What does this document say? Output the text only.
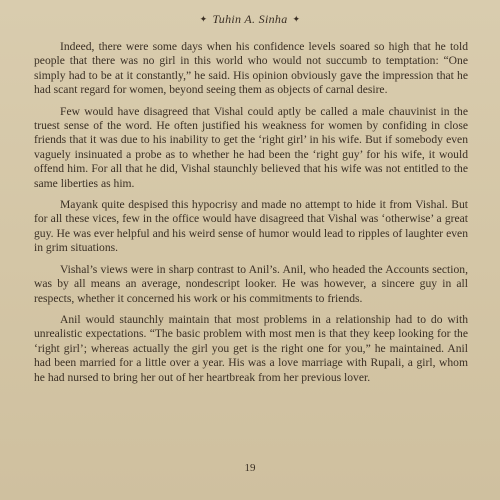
✦ Tuhin A. Sinha ✦

Indeed, there were some days when his confidence levels soared so high that he told people that there was no girl in this world who would not succumb to temptation: “One simply had to be at it constantly,” he said. His opinion obviously gave the impression that he had scant regard for women, beyond seeing them as objects of carnal desire.

Few would have disagreed that Vishal could aptly be called a male chauvinist in the truest sense of the word. He often justified his weakness for women by confiding in close friends that it was due to his inability to get the ‘right girl’ in his wife. But if somebody even vaguely insinuated a probe as to whether he had been the ‘right guy’ for his wife, it would offend him. For all that he did, Vishal staunchly believed that his wife was not entitled to the same liberties as him.

Mayank quite despised this hypocrisy and made no attempt to hide it from Vishal. But for all these vices, few in the office would have disagreed that Vishal was ‘otherwise’ a great guy. He was ever helpful and his weird sense of humor would lead to ripples of laughter even in grim situations.

Vishal’s views were in sharp contrast to Anil’s. Anil, who headed the Accounts section, was by all means an average, nondescript looker. He was however, a sincere guy in all respects, whether it concerned his work or his commitments to friends.

Anil would staunchly maintain that most problems in a relationship had to do with unrealistic expectations. “The basic problem with most men is that they keep looking for the ‘right girl’; whereas actually the girl you get is the right one for you,” he maintained. Anil had been married for a little over a year. His was a love marriage with Rupali, a girl, whom he had nursed to bring her out of her heartbreak from her previous lover.

19
